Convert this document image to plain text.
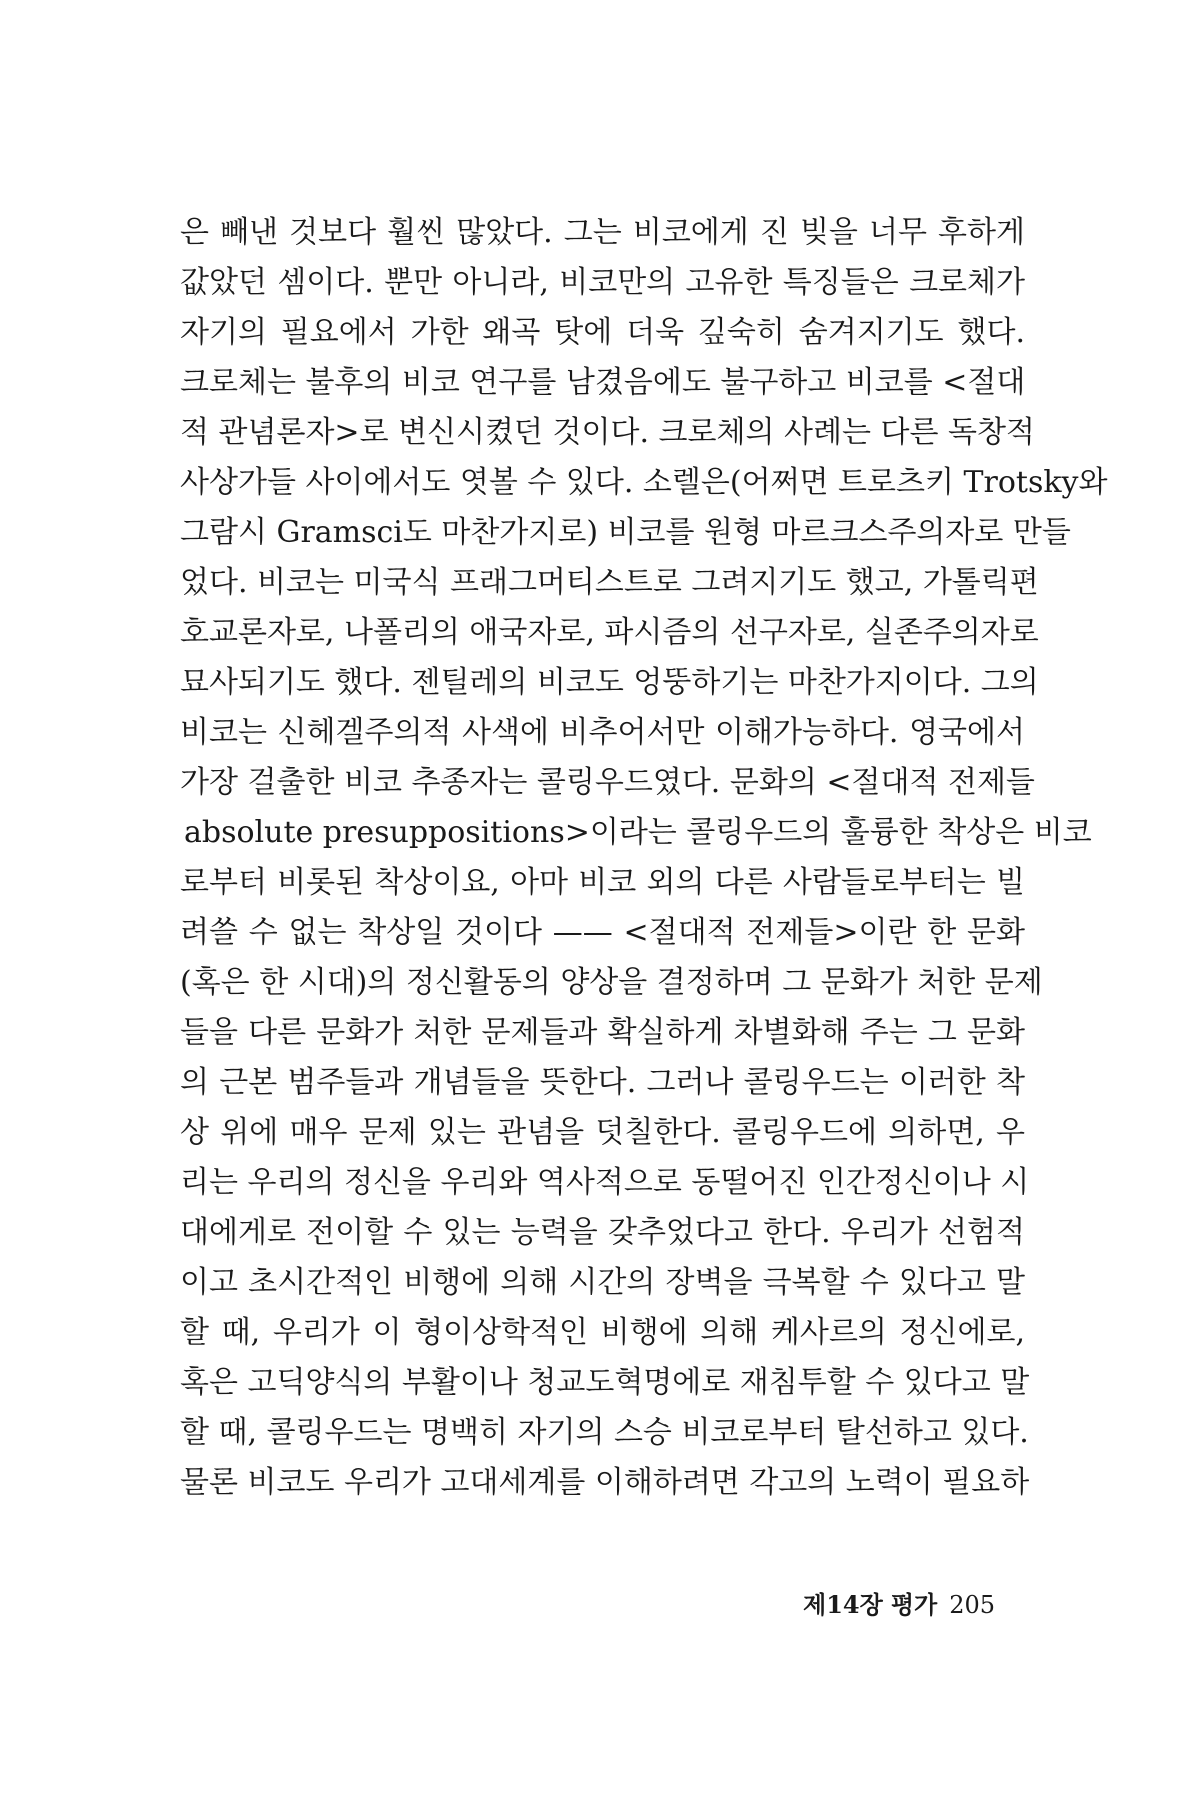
은 빼낸 것보다 훨씬 많았다. 그는 비코에게 진 빚을 너무 후하게
값았던 셈이다. 뿐만 아니라, 비코만의 고유한 특징들은 크로체가
자기의 필요에서 가한 왜곡 탓에 더욱 깊숙히 숨겨지기도 했다.
크로체는 불후의 비코 연구를 남겼음에도 불구하고 비코를 <절대
적 관념론자>로 변신시켰던 것이다. 크로체의 사례는 다른 독창적
사상가들 사이에서도 엿볼 수 있다. 소렐은(어쩌면 트로츠키 Trotsky와
그람시 Gramsci도 마찬가지로) 비코를 원형 마르크스주의자로 만들
었다. 비코는 미국식 프래그머티스트로 그려지기도 했고, 가톨릭편
호교론자로, 나폴리의 애국자로, 파시즘의 선구자로, 실존주의자로
묘사되기도 했다. 젠틸레의 비코도 엉뚱하기는 마찬가지이다. 그의
비코는 신헤겔주의적 사색에 비추어서만 이해가능하다. 영국에서
가장 걸출한 비코 추종자는 콜링우드였다. 문화의 <절대적 전제들
absolute presuppositions>이라는 콜링우드의 훌륭한 착상은 비코
로부터 비롯된 착상이요, 아마 비코 외의 다른 사람들로부터는 빌
려쓸 수 없는 착상일 것이다 —— <절대적 전제들>이란 한 문화
(혹은 한 시대)의 정신활동의 양상을 결정하며 그 문화가 처한 문제
들을 다른 문화가 처한 문제들과 확실하게 차별화해 주는 그 문화
의 근본 범주들과 개념들을 뜻한다. 그러나 콜링우드는 이러한 착
상 위에 매우 문제 있는 관념을 덧칠한다. 콜링우드에 의하면, 우
리는 우리의 정신을 우리와 역사적으로 동떨어진 인간정신이나 시
대에게로 전이할 수 있는 능력을 갖추었다고 한다. 우리가 선험적
이고 초시간적인 비행에 의해 시간의 장벽을 극복할 수 있다고 말
할 때, 우리가 이 형이상학적인 비행에 의해 케사르의 정신에로,
혹은 고딕양식의 부활이나 청교도혁명에로 재침투할 수 있다고 말
할 때, 콜링우드는 명백히 자기의 스승 비코로부터 탈선하고 있다.
물론 비코도 우리가 고대세계를 이해하려면 각고의 노력이 필요하
제14장 평가 205
